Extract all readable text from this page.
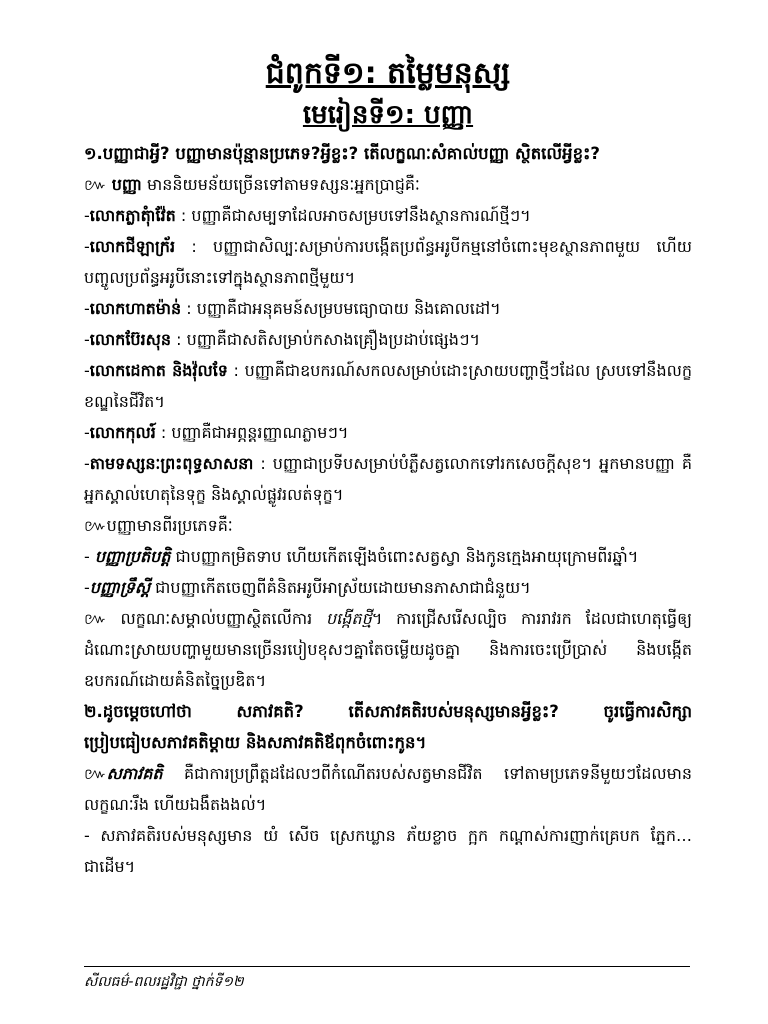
ជំពូកទី១: តម្លៃមនុស្ស
មេរៀនទី១: បញ្ញា

១.បញ្ញាជាអ្វី? បញ្ញាមានប៉ុន្មានប្រភេទ?អ្វីខ្លះ? តើលក្ខណៈសំគាល់បញ្ញា ស្ថិតលើអ្វីខ្លះ?

៚ បញ្ញា មាននិយមន័យច្រើនទៅតាមទស្សនៈអ្នកប្រាជ្ញគឺៈ

-លោកភ្លាតុំាវ៉ែត : បញ្ញាគឺជាសម្បទាដែលអាចសម្របទៅនឹងស្ថានការណ៍ថ្មីៗ។

-លោកជីឡាក្រ័រ : បញ្ញាជាសិល្បៈសម្រាប់ការបង្កើតប្រព័ន្ធអរូបីកម្មនៅចំពោះមុខស្ថានភាពមួយ ហើយបញ្ចូលប្រព័ន្ធអរូបីនោះទៅក្នុងស្ថានភាពថ្មីមួយ។

-លោកហាតម៉ាន់ : បញ្ញាគឺជាអនុគមន៍សម្របមធ្យោបាយ និងគោលដៅ។

-លោកប៊ែរសុន : បញ្ញាគឺជាសតិសម្រាប់កសាងគ្រឿងប្រដាប់ផ្សេងៗ។

-លោកដេកាត និងវ៉ុលទែ : បញ្ញាគឺជាឧបករណ៍សកលសម្រាប់ដោះស្រាយបញ្ហាថ្មីៗដែល ស្របទៅនឹងលក្ខខណ្ឌនៃជីវិត។

-លោកកុលរ៍ : បញ្ញាគឺជាអព្ភន្តរញ្ញាណភ្លាមៗ។

-តាមទស្សនៈព្រះពុទ្ធសាសនា : បញ្ញាជាប្រទីបសម្រាប់បំភ្លឺសត្វលោកទៅរកសេចក្តីសុខ។ អ្នកមានបញ្ញា គឺអ្នកស្គាល់ហេតុនៃទុក្ខ និងស្គាល់ផ្លូវរលត់ទុក្ខ។

៚បញ្ញាមានពីរប្រភេទគឺៈ

- បញ្ញាប្រតិបត្តិ ជាបញ្ញាកម្រិតទាប ហើយកើតឡើងចំពោះសត្វស្វា និងកូនក្មេងអាយុក្រោមពីរឆ្នាំ។

-បញ្ញាទ្រឹស្តី ជាបញ្ញាកើតចេញពីគំនិតអរូបីអាស្រ័យដោយមានភាសាជាជំនួយ។

៚ លក្ខណៈសម្គាល់បញ្ញាស្ថិតលើការ បង្កើតថ្មី។ ការជ្រើសរើសល្បិច ការរាវរក ដែលជាហេតុធ្វើឲ្យដំណោះស្រាយបញ្ហាមួយមានច្រើនរបៀបខុសៗគ្នាតែចម្លើយដូចគ្នា និងការចេះប្រើប្រាស់ និងបង្កើតឧបករណ៍ដោយគំនិតច្នៃប្រឌិត។

២.ដូចម្តេចហៅថា សភាវគតិ? តើសភាវគតិរបស់មនុស្សមានអ្វីខ្លះ? ចូរធ្វើការសិក្សាប្រៀបធៀបសភាវគតិម្តាយ និងសភាវគតិឪពុកចំពោះកូន។

៚សភាវគតិ គឺជាការប្រព្រឹត្តដដែលៗពីកំណើតរបស់សត្វមានជីវិត ទៅតាមប្រភេទនីមួយៗដែលមានលក្ខណៈរឹង ហើយឯងឹតងងល់។

- សភាវគតិរបស់មនុស្សមាន យំ សើច ស្រេកឃ្លាន ភ័យខ្លាច ក្អក កណ្តាស់ការញាក់គ្រេបក ភ្នែក…ជាដើម។

សីលធម៌-ពលរដ្ឋវិជ្ជា ថ្នាក់ទី១២
